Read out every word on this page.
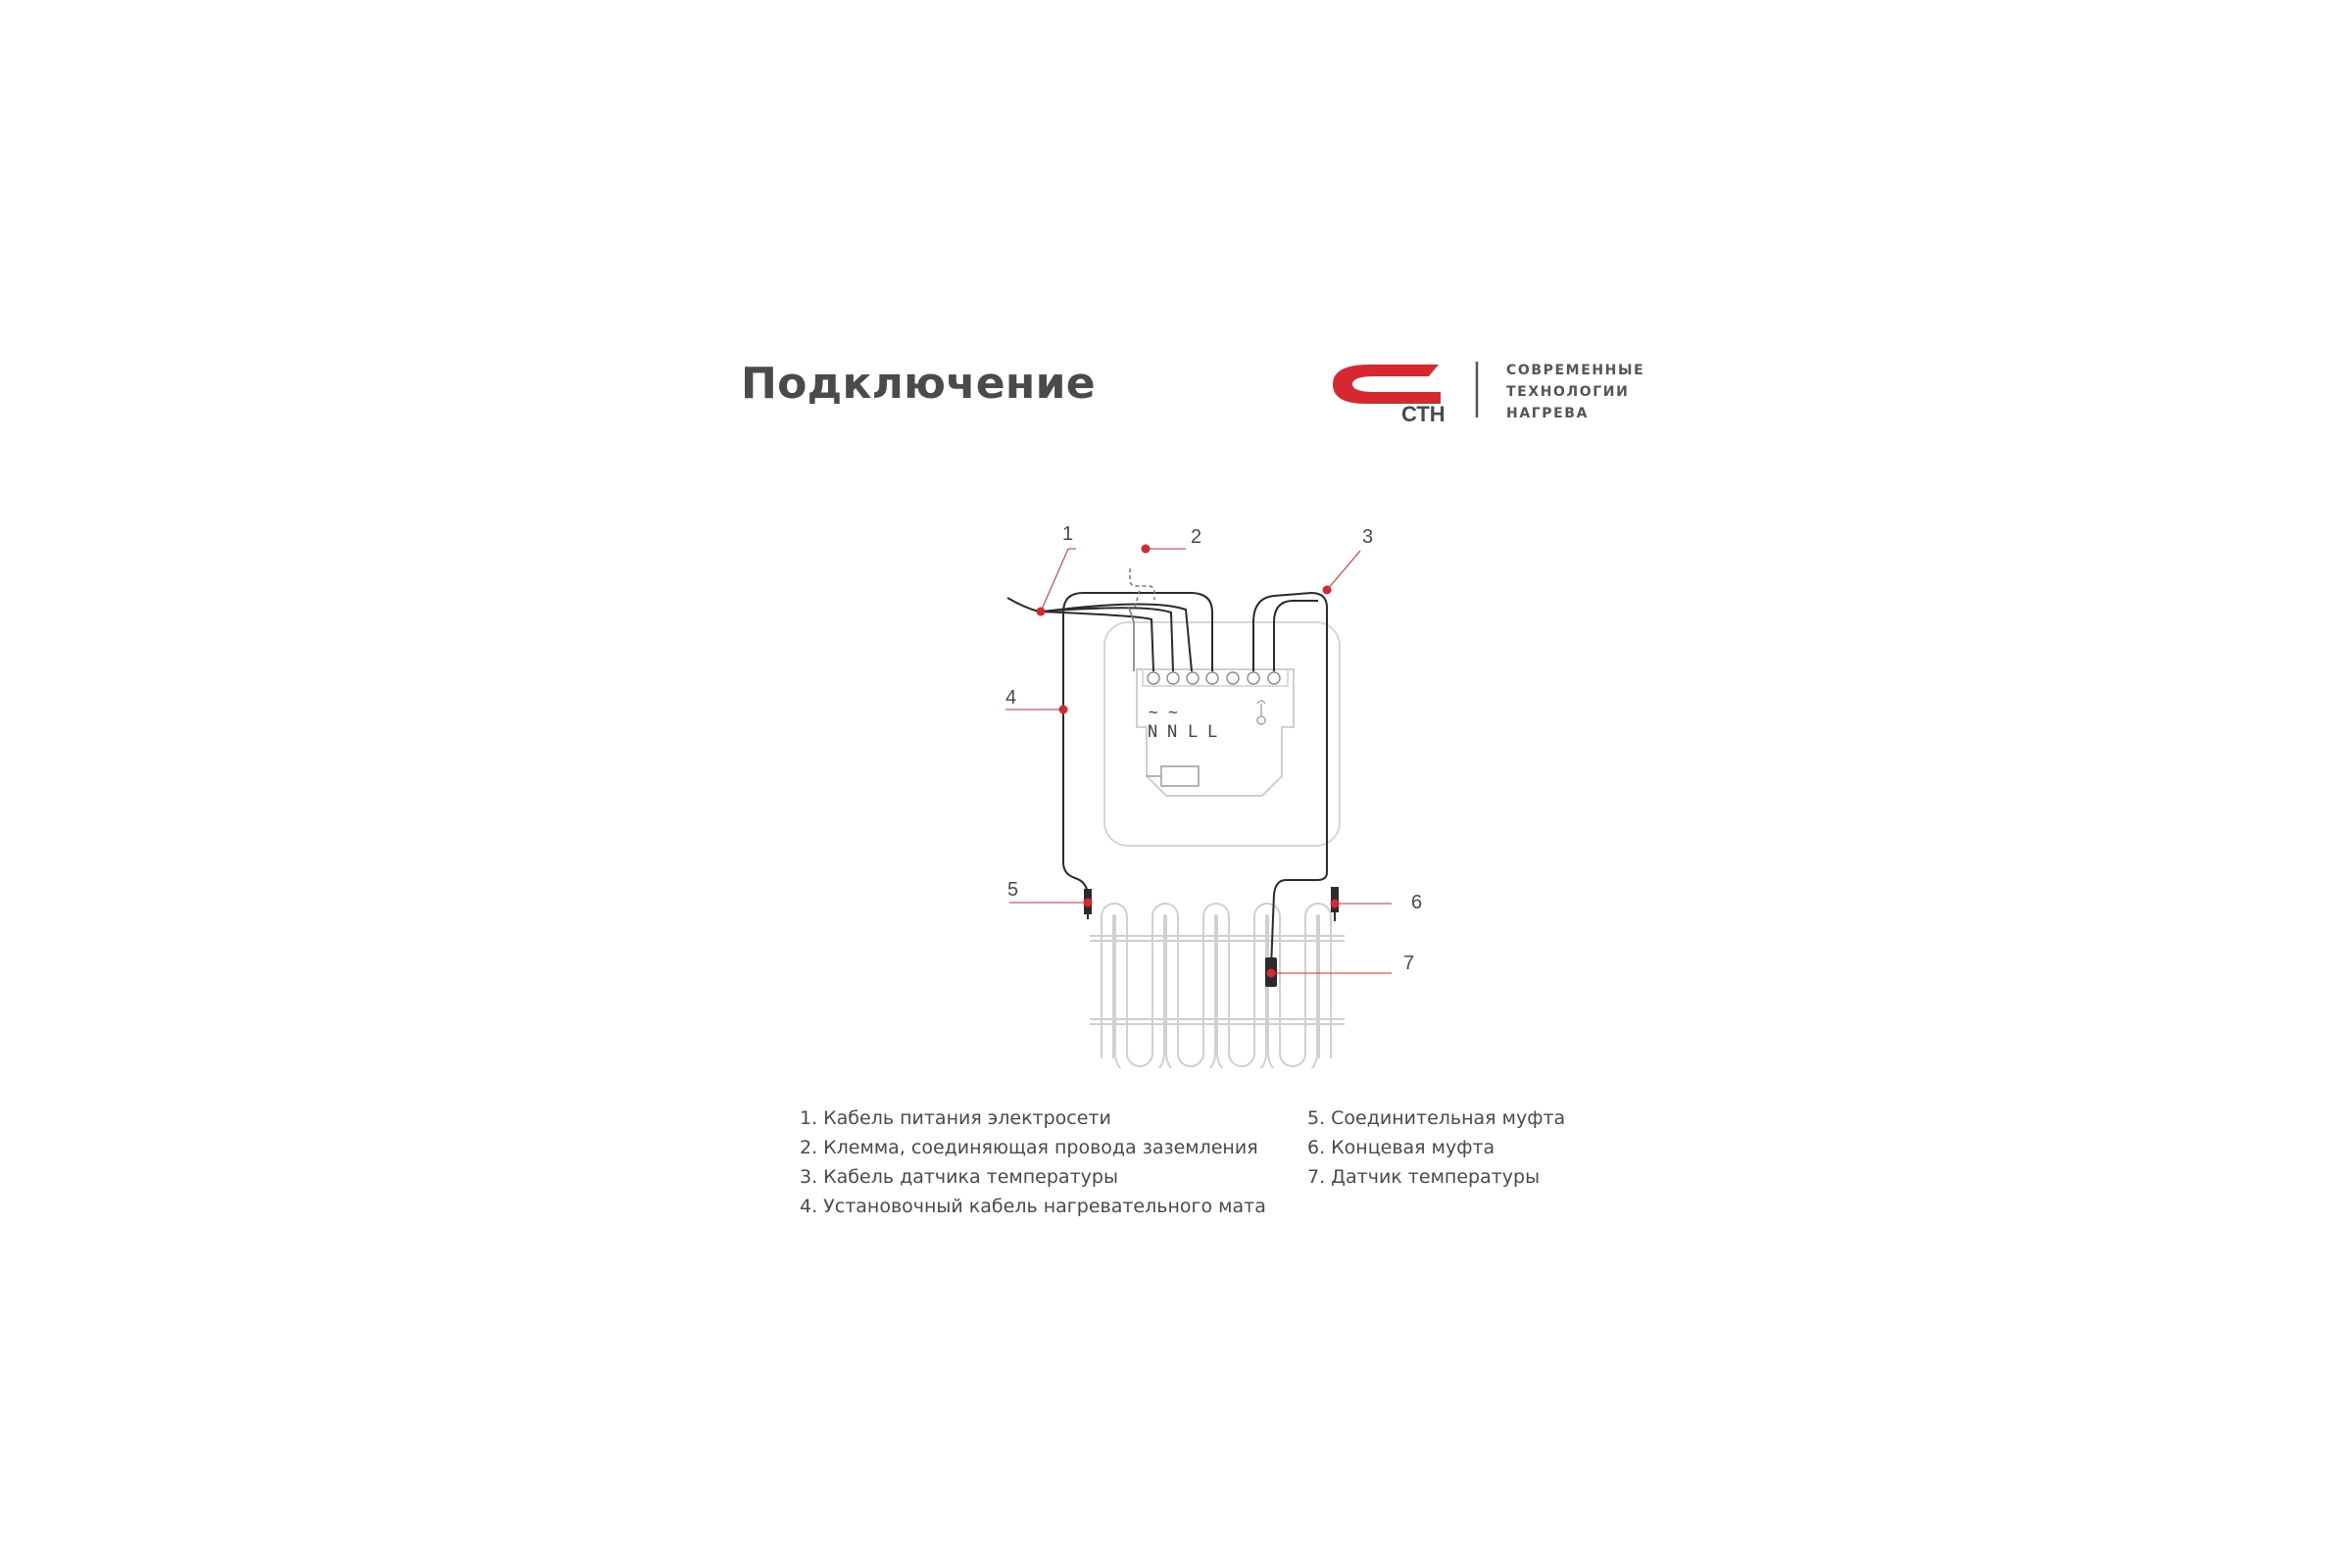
Подключение
СТН
СОВРЕМЕННЫЕ
ТЕХНОЛОГИИ
НАГРЕВА
~ ~
N N L L
1	2	3
4
5
6
7
1. Кабель питания электросети
2. Клемма, соединяющая провода заземления
3. Кабель датчика температуры
4. Установочный кабель нагревательного мата
5. Соединительная муфта
6. Концевая муфта
7. Датчик температуры
